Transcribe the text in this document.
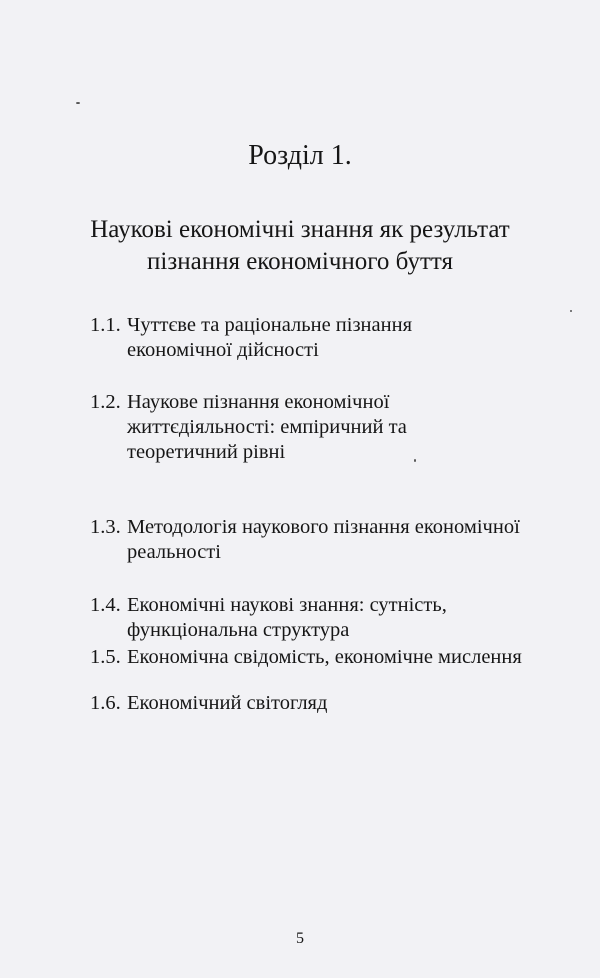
Розділ 1.
Наукові економічні знання як результат
пізнання економічного буття
1.1. Чуттєве та раціональне пізнання економічної дійсності
1.2. Наукове пізнання економічної життєдіяльності: емпіричний та теоретичний рівні
1.3. Методологія наукового пізнання економічної реальності
1.4. Економічні наукові знання: сутність, функціональна структура
1.5. Економічна свідомість, економічне мислення
1.6. Економічний світогляд
5
